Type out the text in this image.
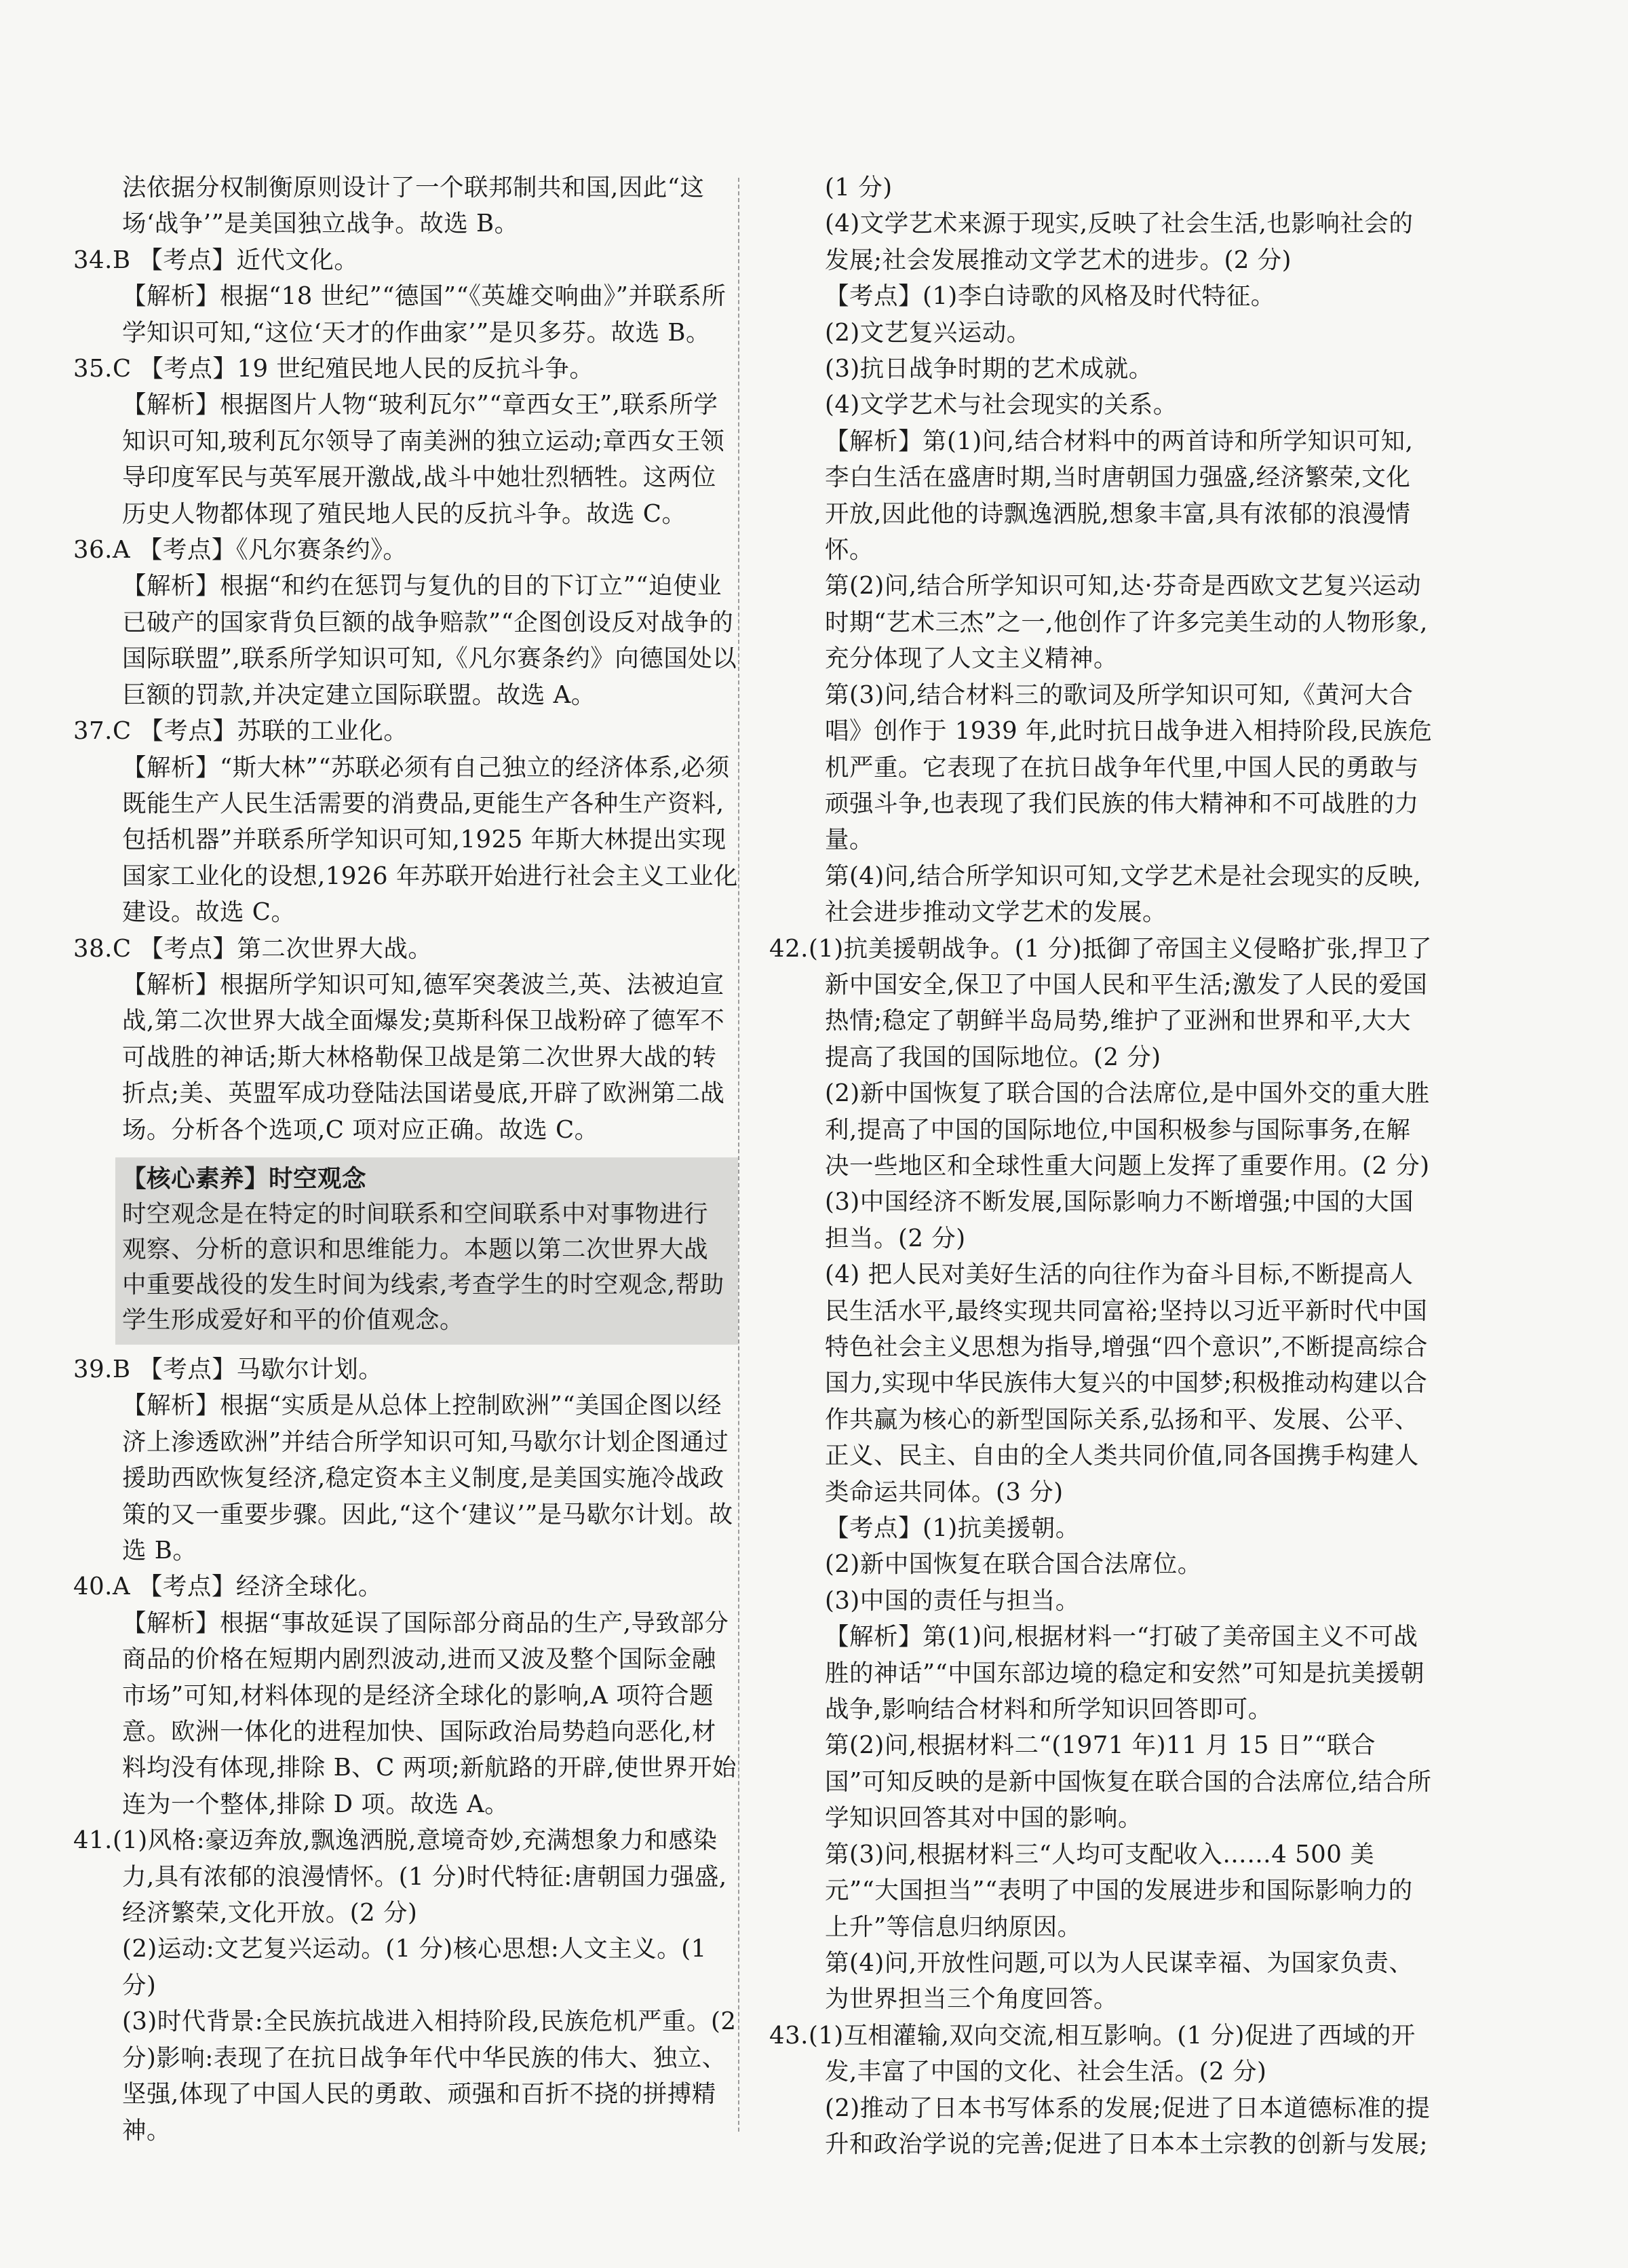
法依据分权制衡原则设计了一个联邦制共和国,因此“这场‘战争’”是美国独立战争。故选 B。

34.B 【考点】近代文化。

【解析】根据“18 世纪”“德国”“《英雄交响曲》”并联系所学知识可知,“这位‘天才的作曲家’”是贝多芬。故选 B。

35.C 【考点】19 世纪殖民地人民的反抗斗争。

【解析】根据图片人物“玻利瓦尔”“章西女王”,联系所学知识可知,玻利瓦尔领导了南美洲的独立运动;章西女王领导印度军民与英军展开激战,战斗中她壮烈牺牲。这两位历史人物都体现了殖民地人民的反抗斗争。故选 C。

36.A 【考点】《凡尔赛条约》。

【解析】根据“和约在惩罚与复仇的目的下订立”“迫使业已破产的国家背负巨额的战争赔款”“企图创设反对战争的国际联盟”,联系所学知识可知,《凡尔赛条约》向德国处以巨额的罚款,并决定建立国际联盟。故选 A。

37.C 【考点】苏联的工业化。

【解析】“斯大林”“苏联必须有自己独立的经济体系,必须既能生产人民生活需要的消费品,更能生产各种生产资料,包括机器”并联系所学知识可知,1925 年斯大林提出实现国家工业化的设想,1926 年苏联开始进行社会主义工业化建设。故选 C。

38.C 【考点】第二次世界大战。

【解析】根据所学知识可知,德军突袭波兰,英、法被迫宣战,第二次世界大战全面爆发;莫斯科保卫战粉碎了德军不可战胜的神话;斯大林格勒保卫战是第二次世界大战的转折点;美、英盟军成功登陆法国诺曼底,开辟了欧洲第二战场。分析各个选项,C 项对应正确。故选 C。

【核心素养】时空观念
时空观念是在特定的时间联系和空间联系中对事物进行观察、分析的意识和思维能力。本题以第二次世界大战中重要战役的发生时间为线索,考查学生的时空观念,帮助学生形成爱好和平的价值观念。

39.B 【考点】马歇尔计划。

【解析】根据“实质是从总体上控制欧洲”“美国企图以经济上渗透欧洲”并结合所学知识可知,马歇尔计划企图通过援助西欧恢复经济,稳定资本主义制度,是美国实施冷战政策的又一重要步骤。因此,“这个‘建议’”是马歇尔计划。故选 B。

40.A 【考点】经济全球化。

【解析】根据“事故延误了国际部分商品的生产,导致部分商品的价格在短期内剧烈波动,进而又波及整个国际金融市场”可知,材料体现的是经济全球化的影响,A 项符合题意。欧洲一体化的进程加快、国际政治局势趋向恶化,材料均没有体现,排除 B、C 两项;新航路的开辟,使世界开始连为一个整体,排除 D 项。故选 A。

41.(1)风格:豪迈奔放,飘逸洒脱,意境奇妙,充满想象力和感染力,具有浓郁的浪漫情怀。(1 分)时代特征:唐朝国力强盛,经济繁荣,文化开放。(2 分)

(2)运动:文艺复兴运动。(1 分)核心思想:人文主义。(1 分)

(3)时代背景:全民族抗战进入相持阶段,民族危机严重。(2 分)影响:表现了在抗日战争年代中华民族的伟大、独立、坚强,体现了中国人民的勇敢、顽强和百折不挠的拼搏精神。

(1 分)

(4)文学艺术来源于现实,反映了社会生活,也影响社会的发展;社会发展推动文学艺术的进步。(2 分)

【考点】(1)李白诗歌的风格及时代特征。

(2)文艺复兴运动。

(3)抗日战争时期的艺术成就。

(4)文学艺术与社会现实的关系。

【解析】第(1)问,结合材料中的两首诗和所学知识可知,李白生活在盛唐时期,当时唐朝国力强盛,经济繁荣,文化开放,因此他的诗飘逸洒脱,想象丰富,具有浓郁的浪漫情怀。

第(2)问,结合所学知识可知,达·芬奇是西欧文艺复兴运动时期“艺术三杰”之一,他创作了许多完美生动的人物形象,充分体现了人文主义精神。

第(3)问,结合材料三的歌词及所学知识可知,《黄河大合唱》创作于 1939 年,此时抗日战争进入相持阶段,民族危机严重。它表现了在抗日战争年代里,中国人民的勇敢与顽强斗争,也表现了我们民族的伟大精神和不可战胜的力量。

第(4)问,结合所学知识可知,文学艺术是社会现实的反映,社会进步推动文学艺术的发展。

42.(1)抗美援朝战争。(1 分)抵御了帝国主义侵略扩张,捍卫了新中国安全,保卫了中国人民和平生活;激发了人民的爱国热情;稳定了朝鲜半岛局势,维护了亚洲和世界和平,大大提高了我国的国际地位。(2 分)

(2)新中国恢复了联合国的合法席位,是中国外交的重大胜利,提高了中国的国际地位,中国积极参与国际事务,在解决一些地区和全球性重大问题上发挥了重要作用。(2 分)

(3)中国经济不断发展,国际影响力不断增强;中国的大国担当。(2 分)

(4) 把人民对美好生活的向往作为奋斗目标,不断提高人民生活水平,最终实现共同富裕;坚持以习近平新时代中国特色社会主义思想为指导,增强“四个意识”,不断提高综合国力,实现中华民族伟大复兴的中国梦;积极推动构建以合作共赢为核心的新型国际关系,弘扬和平、发展、公平、正义、民主、自由的全人类共同价值,同各国携手构建人类命运共同体。(3 分)

【考点】(1)抗美援朝。

(2)新中国恢复在联合国合法席位。

(3)中国的责任与担当。

【解析】第(1)问,根据材料一“打破了美帝国主义不可战胜的神话”“中国东部边境的稳定和安然”可知是抗美援朝战争,影响结合材料和所学知识回答即可。

第(2)问,根据材料二“(1971 年)11 月 15 日”“联合国”可知反映的是新中国恢复在联合国的合法席位,结合所学知识回答其对中国的影响。

第(3)问,根据材料三“人均可支配收入……4 500 美元”“大国担当”“表明了中国的发展进步和国际影响力的上升”等信息归纳原因。

第(4)问,开放性问题,可以为人民谋幸福、为国家负责、为世界担当三个角度回答。

43.(1)互相灌输,双向交流,相互影响。(1 分)促进了西域的开发,丰富了中国的文化、社会生活。(2 分)

(2)推动了日本书写体系的发展;促进了日本道德标准的提升和政治学说的完善;促进了日本本土宗教的创新与发展;
